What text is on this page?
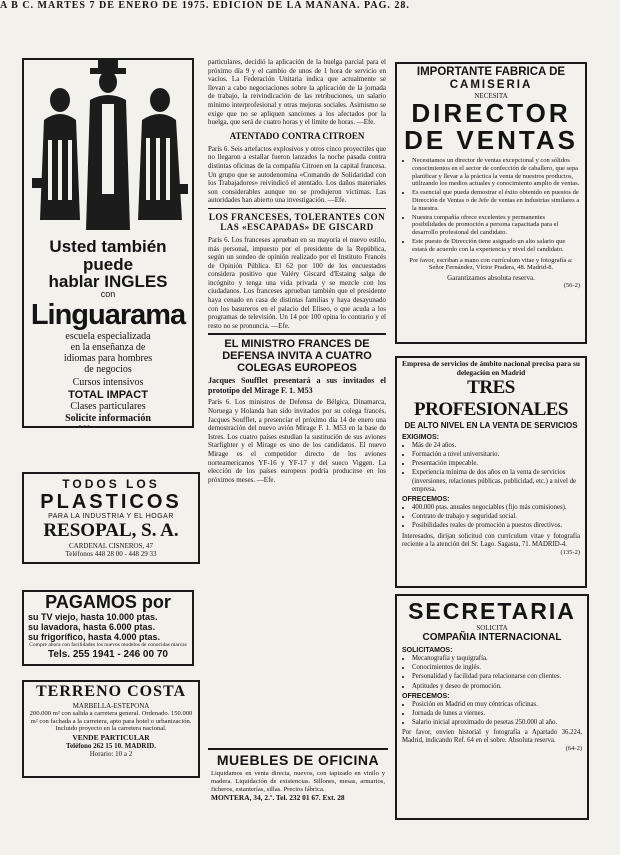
A B C. MARTES 7 DE ENERO DE 1975. EDICION DE LA MAÑANA. PAG. 28.
Usted también
puede
hablar INGLES
con
Linguarama
escuela especializada
en la enseñanza de
idiomas para hombres
de negocios
Cursos intensivos
TOTAL IMPACT
Clases particulares
Solicite información
TODOS LOS
PLASTICOS
PARA LA INDUSTRIA Y EL HOGAR
RESOPAL, S. A.
CARDENAL CISNEROS, 47
Teléfonos 448 28 00 - 448 29 33
PAGAMOS por
su TV viejo, hasta 10.000 ptas.
su lavadora, hasta 6.000 ptas.
su frigorífico, hasta 4.000 ptas.
Compre ahora con facilidades los nuevos modelos de conocidas marcas
Tels. 255 1941 - 246 00 70
TERRENO COSTA
MARBELLA-ESTEPONA
200.000 m² con salida a carretera general. Ordenado. 150.000 m² con fachada a la carretera, apto para hotel o urbanización. Incluido proyecto en la carretera nacional.
VENDE PARTICULAR
Teléfono 262 15 10. MADRID.
Horario: 10 a 2

particulares, decidió la aplicación de la huelga parcial para el próximo día 9 y el cambio de unos de 1 hora de servicio en vacíos. La Federación Unitaria indica que actualmente se llevan a cabo negociaciones sobre la aplicación de la jornada de trabajo, la reivindicación de las retribuciones, un salario mínimo interprofesional y otras mejoras sociales. Asimismo se exige que no se apliquen sanciones a los afectados por la huelga, que será de cuatro horas y el límite de horas. —Efe.

ATENTADO CONTRA CITROEN

París 6. Seis artefactos explosivos y otros cinco proyectiles que no llegaron a estallar fueron lanzados la noche pasada contra distintas oficinas de la compañía Citroen en la capital francesa. Un grupo que se autodenomina «Comando de Solidaridad con los Trabajadores» reivindicó el atentado. Los daños materiales son considerables aunque no se produjeron víctimas. Las autoridades han abierto una investigación. —Efe.

LOS FRANCESES, TOLERANTES CON LAS «ESCAPADAS» DE GISCARD

París 6. Los franceses aprueban en su mayoría el nuevo estilo, más personal, impuesto por el presidente de la República, según un sondeo de opinión realizado por el Instituto Francés de Opinión Pública. El 62 por 100 de los encuestados considera positivo que Valéry Giscard d'Estaing salga de incógnito y tenga una vida privada y se mezcle con los ciudadanos. Los franceses aprueban también que el presidente haya cenado en casa de distintas familias y haya desayunado con los basureros en el palacio del Elíseo, o que acuda a los programas de televisión. Un 14 por 100 opina lo contrario y el resto no se pronuncia. —Efe.

EL MINISTRO FRANCES DE DEFENSA INVITA A CUATRO COLEGAS EUROPEOS
Jacques Soufflet presentará a sus invitados el prototipo del Mirage F. 1. M53

París 6. Los ministros de Defensa de Bélgica, Dinamarca, Noruega y Holanda han sido invitados por su colega francés, Jacques Soufflet, a presenciar el próximo día 14 de enero una demostración del nuevo avión Mirage F. 1. M53 en la base de Istres. Los cuatro países estudian la sustitución de sus aviones Starfighter y el Mirage es uno de los candidatos. El nuevo Mirage es el competidor directo de los aviones norteamericanos YF-16 y YF-17 y del sueco Viggen. La elección de los países europeos podría producirse en los próximos meses. —Efe.

MUEBLES DE OFICINA

Liquidamos en venta directa, nuevos, con tapizado en vinilo y madera. Liquidación de existencias. Sillones, mesas, armarios, ficheros, estanterías, sillas. Precios fábrica.

MONTERA, 34, 2.º. Tel. 232 01 67. Ext. 28
IMPORTANTE FABRICA DE
CAMISERIA
NECESITA
DIRECTOR
DE VENTAS
• Necesitamos un director de ventas excepcional y con sólidos conocimientos en el sector de confección de caballero, que sepa planificar y llevar a la práctica la venta de nuestros productos, utilizando los medios actuales y conocimiento amplio de ventas.
• Es esencial que pueda demostrar el éxito obtenido en puestos de Dirección de Ventas o de Jefe de ventas en industrias similares a la nuestra.
• Nuestra compañía ofrece excelentes y permanentes posibilidades de promoción a persona capacitada para el desarrollo profesional del candidato.
• Este puesto de Dirección tiene asignado un alto salario que estará de acuerdo con la experiencia y nivel del candidato.
Por favor, escriban a mano con currículum vitae y fotografía a: Señor Fernández, Víctor Pradera, 48. Madrid-8.
Garantizamos absoluta reserva.
(56-2)
Empresa de servicios de ámbito nacional precisa para su delegación en Madrid
TRES PROFESIONALES
DE ALTO NIVEL EN LA VENTA DE SERVICIOS
EXIGIMOS:
• Más de 24 años.
• Formación a nivel universitario.
• Presentación impecable.
• Experiencia mínima de dos años en la venta de servicios (inversiones, relaciones públicas, publicidad, etc.) a nivel de empresa.
OFRECEMOS:
• 400.000 ptas. anuales negociables (fijo más comisiones).
• Contrato de trabajo y seguridad social.
• Posibilidades reales de promoción a puestos directivos.

Interesados, dirijan solicitud con currículum vitae y fotografía reciente a la atención del Sr. Lago. Sagasta, 71. MADRID-4.

(135-2)
SECRETARIA
SOLICITA
COMPAÑIA INTERNACIONAL
SOLICITAMOS:
• Mecanografía y taquigrafía.
• Conocimientos de inglés.
• Personalidad y facilidad para relacionarse con clientes.
• Aptitudes y deseo de promoción.
OFRECEMOS:
• Posición en Madrid en muy céntricas oficinas.
• Jornada de lunes a viernes.
• Salario inicial aproximado de pesetas 250.000 al año.

Por favor, envíen historial y fotografía a Apartado 36.224, Madrid, indicando Ref. 64 en el sobre. Absoluta reserva.

(64-2)
